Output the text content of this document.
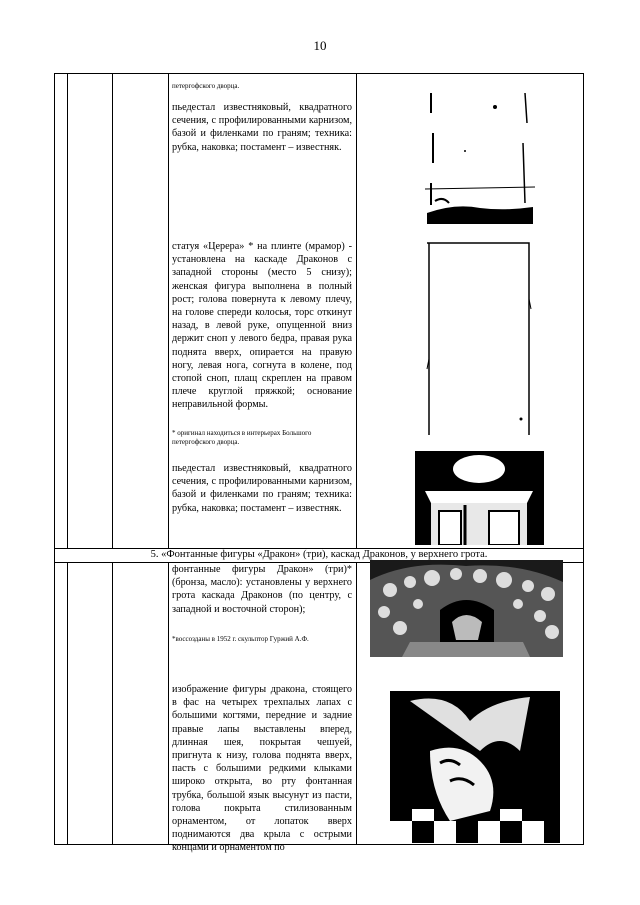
10
петергофского дворца.
пьедестал известняковый, квадратного сечения, с профилированными карнизом, базой и филенками по граням; техника: рубка, наковка; постамент – известняк.
статуя «Церера» * на плинте (мрамор) - установлена на каскаде Драконов с западной стороны (место 5 снизу); женская фигура выполнена в полный рост; голова повернута к левому плечу, на голове спереди колосья, торс откинут назад, в левой руке, опущенной вниз держит сноп у левого бедра, правая рука поднята вверх, опирается на правую ногу, левая нога, согнута в колене, под стопой сноп, плащ скреплен на правом плече круглой пряжкой; основание неправильной формы.
* оригинал находиться в интерьерах Большого петергофского дворца.
пьедестал известняковый, квадратного сечения, с профилированными карнизом, базой и филенками по граням; техника: рубка, наковка; постамент – известняк.
5. «Фонтанные фигуры «Дракон» (три), каскад Драконов, у верхнего грота.
фонтанные фигуры Дракон» (три)* (бронза, масло): установлены у верхнего грота каскада Драконов (по центру, с западной и восточной сторон);
*воссозданы в 1952 г. скульптор Гуржий А.Ф.
изображение фигуры дракона, стоящего в фас на четырех трехпалых лапах с большими когтями, передние и задние правые лапы выставлены вперед, длинная шея, покрытая чешуей, пригнута к низу, голова поднята вверх, пасть с большими редкими клыками широко открыта, во рту фонтанная трубка, большой язык высунут из пасти, голова покрыта стилизованным орнаментом, от лопаток вверх поднимаются два крыла с острыми концами и орнаментом по
